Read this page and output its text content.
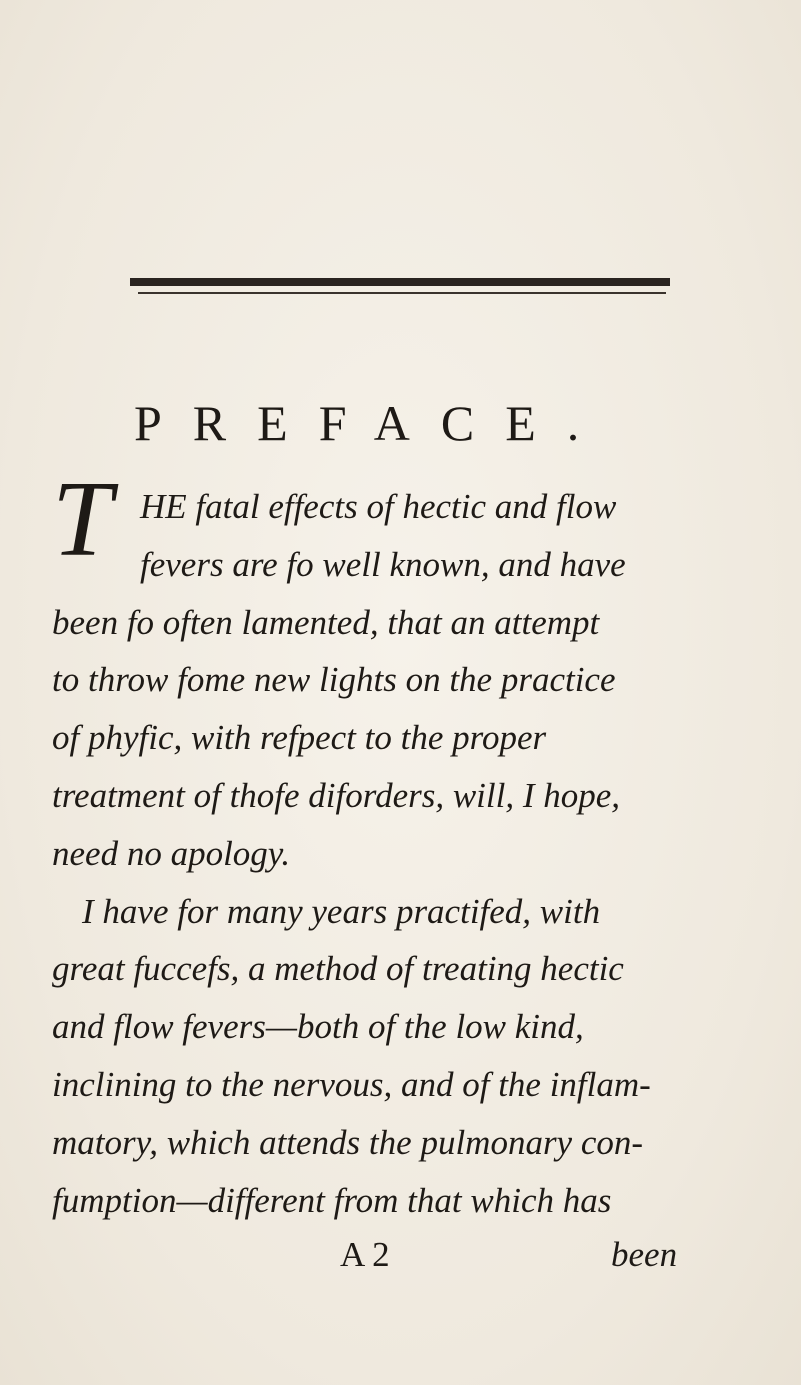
PREFACE.
T HE fatal effects of hectic and flow

fevers are fo well known, and have

been fo often lamented, that an attempt

to throw fome new lights on the practice

of phyfic, with refpect to the proper

treatment of thofe diforders, will, I hope,

need no apology.

I have for many years practifed, with

great fuccefs, a method of treating hectic

and flow fevers—both of the low kind,

inclining to the nervous, and of the inflam-

matory, which attends the pulmonary con-

fumption—different from that which has

A 2	been
